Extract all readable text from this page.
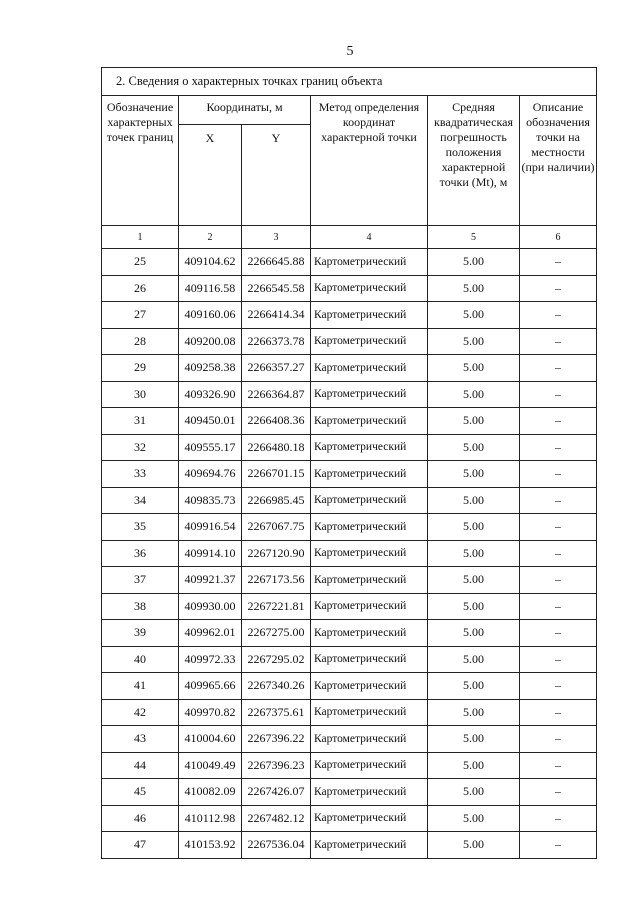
5
2. Сведения о характерных точках границ объекта					
Обозначение характерных точек границ	Координаты, м		Метод определения координат характерной точки	Средняя квадратическая погрешность положения характерной точки (Mt), м	Описание обозначения точки на местности (при наличии)
	X	Y			
1	2	3	4	5	6
25	409104.62	2266645.88	Картометрический	5.00	–
26	409116.58	2266545.58	Картометрический	5.00	–
27	409160.06	2266414.34	Картометрический	5.00	–
28	409200.08	2266373.78	Картометрический	5.00	–
29	409258.38	2266357.27	Картометрический	5.00	–
30	409326.90	2266364.87	Картометрический	5.00	–
31	409450.01	2266408.36	Картометрический	5.00	–
32	409555.17	2266480.18	Картометрический	5.00	–
33	409694.76	2266701.15	Картометрический	5.00	–
34	409835.73	2266985.45	Картометрический	5.00	–
35	409916.54	2267067.75	Картометрический	5.00	–
36	409914.10	2267120.90	Картометрический	5.00	–
37	409921.37	2267173.56	Картометрический	5.00	–
38	409930.00	2267221.81	Картометрический	5.00	–
39	409962.01	2267275.00	Картометрический	5.00	–
40	409972.33	2267295.02	Картометрический	5.00	–
41	409965.66	2267340.26	Картометрический	5.00	–
42	409970.82	2267375.61	Картометрический	5.00	–
43	410004.60	2267396.22	Картометрический	5.00	–
44	410049.49	2267396.23	Картометрический	5.00	–
45	410082.09	2267426.07	Картометрический	5.00	–
46	410112.98	2267482.12	Картометрический	5.00	–
47	410153.92	2267536.04	Картометрический	5.00	–
